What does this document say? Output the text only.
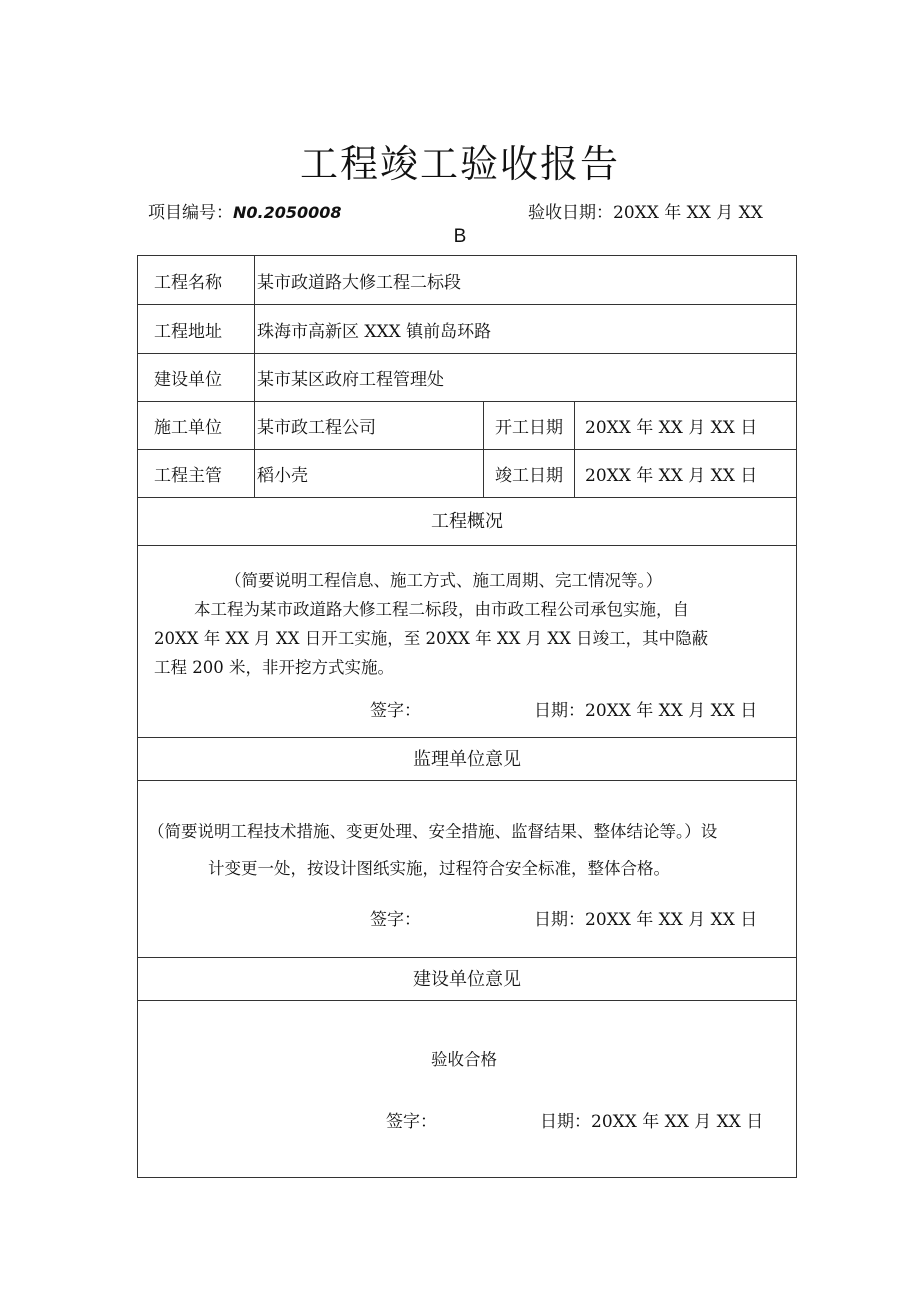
工程竣工验收报告
项目编号：N0.2050008	验收日期：20XX 年 XX 月 XX
B
工程名称	某市政道路大修工程二标段
工程地址	珠海市高新区 XXX 镇前岛环路
建设单位	某市某区政府工程管理处
施工单位	某市政工程公司	开工日期	20XX 年 XX 月 XX 日
工程主管	稻小壳	竣工日期	20XX 年 XX 月 XX 日
工程概况
（简要说明工程信息、施工方式、施工周期、完工情况等。）
本工程为某市政道路大修工程二标段，由市政工程公司承包实施，自
20XX 年 XX 月 XX 日开工实施，至 20XX 年 XX 月 XX 日竣工，其中隐蔽
工程 200 米，非开挖方式实施。
签字：	日期：20XX 年 XX 月 XX 日
监理单位意见
（简要说明工程技术措施、变更处理、安全措施、监督结果、整体结论等。）设
计变更一处，按设计图纸实施，过程符合安全标准，整体合格。
签字：	日期：20XX 年 XX 月 XX 日
建设单位意见
验收合格
签字：	日期：20XX 年 XX 月 XX 日
